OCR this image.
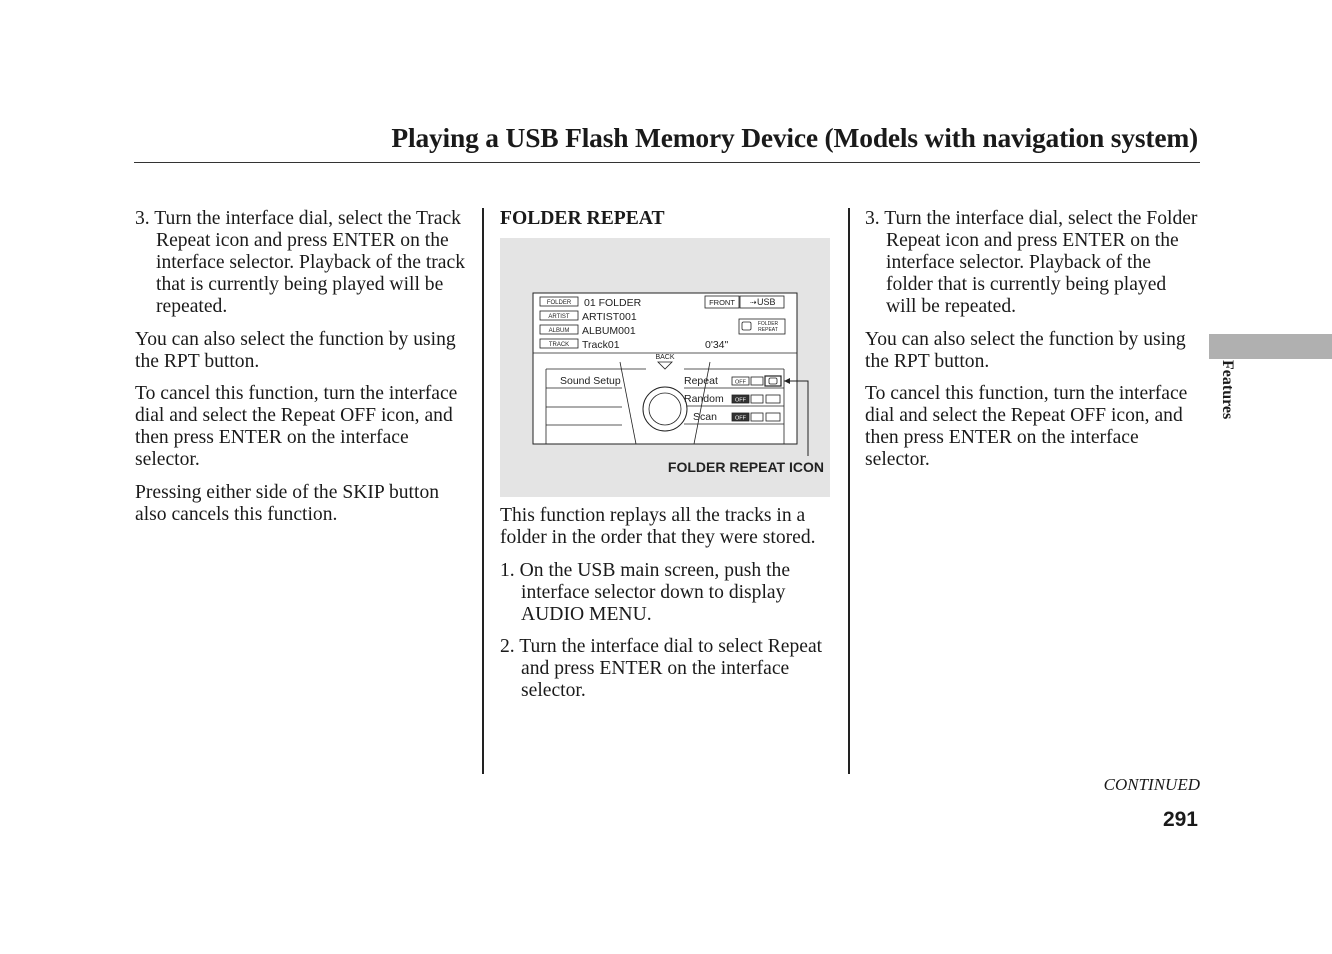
Playing a USB Flash Memory Device (Models with navigation system)

3. Turn the interface dial, select the Track Repeat icon and press ENTER on the interface selector. Playback of the track that is currently being played will be repeated.

You can also select the function by using the RPT button.

To cancel this function, turn the interface dial and select the Repeat OFF icon, and then press ENTER on the interface selector.

Pressing either side of the SKIP button also cancels this function.

FOLDER REPEAT

This function replays all the tracks in a folder in the order that they were stored.

1. On the USB main screen, push the interface selector down to display AUDIO MENU.

2. Turn the interface dial to select Repeat and press ENTER on the interface selector.

FOLDER
ARTIST
ALBUM
TRACK
01 FOLDER
ARTIST001
ALBUM001
Track01	0'34"
FRONT ⇢ USB
FOLDER
REPEAT
BACK
Sound Setup	Repeat
Random
Scan
OFF
OFF
OFF
FOLDER REPEAT ICON

3. Turn the interface dial, select the Folder Repeat icon and press ENTER on the interface selector. Playback of the folder that is currently being played will be repeated.

You can also select the function by using the RPT button.

To cancel this function, turn the interface dial and select the Repeat OFF icon, and then press ENTER on the interface selector.

Features
CONTINUED
291
